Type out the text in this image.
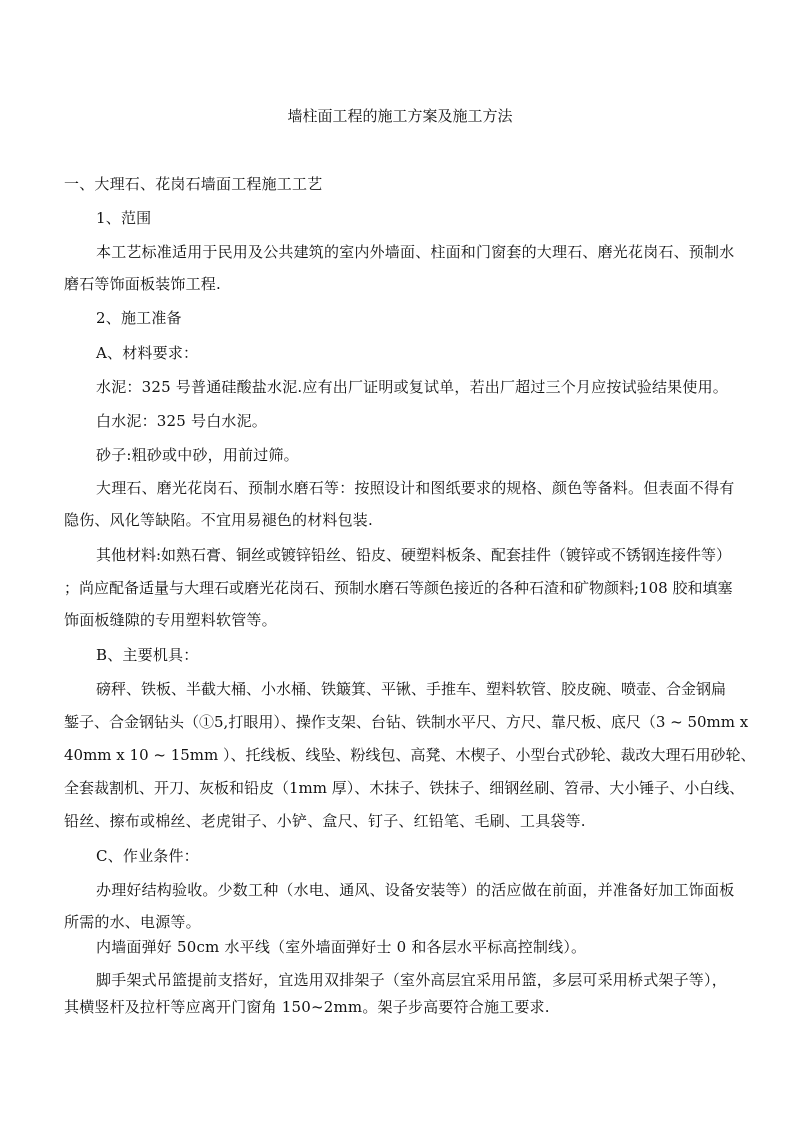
墙柱面工程的施工方案及施工方法
一、大理石、花岗石墙面工程施工工艺
1、范围
本工艺标准适用于民用及公共建筑的室内外墙面、柱面和门窗套的大理石、磨光花岗石、预制水
磨石等饰面板装饰工程.
2、施工准备
A、材料要求：
水泥：325 号普通硅酸盐水泥.应有出厂证明或复试单，若出厂超过三个月应按试验结果使用。
白水泥：325 号白水泥。
砂子:粗砂或中砂，用前过筛。
大理石、磨光花岗石、预制水磨石等：按照设计和图纸要求的规格、颜色等备料。但表面不得有
隐伤、风化等缺陷。不宜用易褪色的材料包装.
其他材料:如熟石膏、铜丝或镀锌铅丝、铅皮、硬塑料板条、配套挂件（镀锌或不锈钢连接件等）
；尚应配备适量与大理石或磨光花岗石、预制水磨石等颜色接近的各种石渣和矿物颜料;108 胶和填塞
饰面板缝隙的专用塑料软管等。
B、主要机具：
磅秤、铁板、半截大桶、小水桶、铁簸箕、平锹、手推车、塑料软管、胶皮碗、喷壶、合金钢扁
錾子、合金钢钻头（①5,打眼用）、操作支架、台钻、铁制水平尺、方尺、靠尺板、底尺（3 ~ 50mm x
40mm x 10 ~ 15mm ）、托线板、线坠、粉线包、高凳、木楔子、小型台式砂轮、裁改大理石用砂轮、
全套裁割机、开刀、灰板和铅皮（1mm 厚）、木抹子、铁抹子、细钢丝刷、笤帚、大小锤子、小白线、
铅丝、擦布或棉丝、老虎钳子、小铲、盒尺、钉子、红铅笔、毛刷、工具袋等.
C、作业条件：
办理好结构验收。少数工种（水电、通风、设备安装等）的活应做在前面，并准备好加工饰面板
所需的水、电源等。
内墙面弹好 50cm 水平线（室外墙面弹好士 0 和各层水平标高控制线）。
脚手架式吊篮提前支搭好，宜选用双排架子（室外高层宜采用吊篮，多层可采用桥式架子等），
其横竖杆及拉杆等应离开门窗角 150~2mm。架子步高要符合施工要求.
